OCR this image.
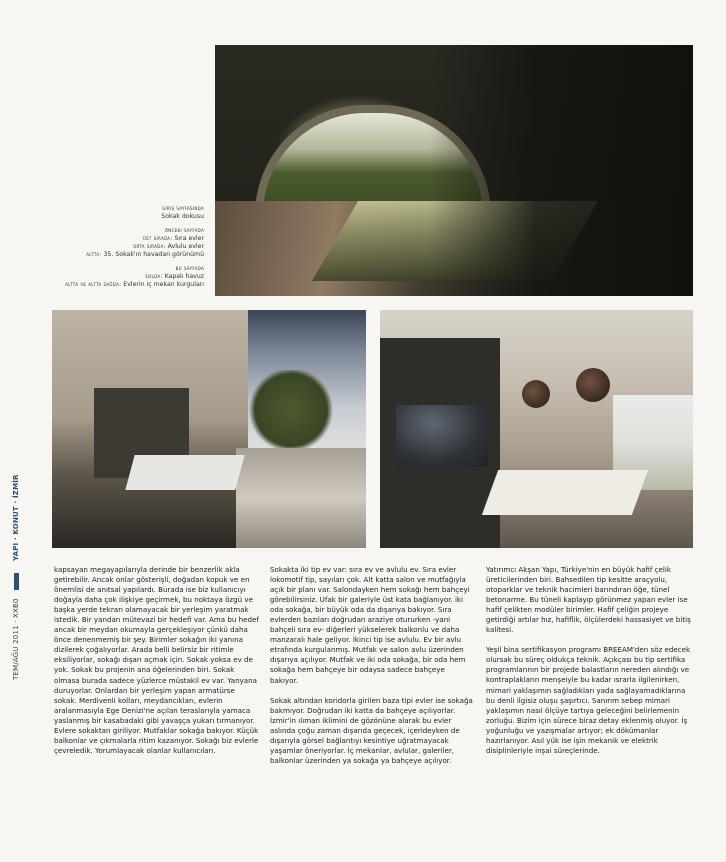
giriş sayfasında
Sokak dokusu
önceki sayfada
üst sırada: Sıra evler
orta sırada: Avlulu evler
altta: 35. Sokak'ın havadan görünümü
bu sayfada
solda: Kapalı havuz
altta ve altta sağda: Evlerin iç mekan kurguları
TEM/AĞU 2011 · XXI
60
YAPI · KONUT · İZMİR

kapsayan megayapılarıyla derinde bir benzerlik akla getirebilir. Ancak onlar gösterişli, doğadan kopuk ve en önemlisi de anıtsal yapılardı. Burada ise biz kullanıcıyı doğayla daha çok ilişkiye geçirmek, bu noktaya özgü ve başka yerde tekrarı olamayacak bir yerleşim yaratmak istedik. Bir yandan mütevazi bir hedefi var. Ama bu hedef ancak bir meydan okumayla gerçekleşiyor çünkü daha önce denenmemiş bir şey. Birimler sokağın iki yanına dizilerek çoğalıyorlar. Arada belli belirsiz bir ritimle eksiliyorlar, sokağı dışarı açmak için. Sokak yoksa ev de yok. Sokak bu projenin ana öğelerinden biri. Sokak olmasa burada sadece yüzlerce müstakil ev var. Yanyana duruyorlar. Onlardan bir yerleşim yapan armatürse sokak. Merdivenli kolları, meydancıkları, evlerin aralanmasıyla Ege Denizi'ne açılan teraslarıyla yamaca yaslanmış bir kasabadaki gibi yavaşça yukarı tırmanıyor. Evlere sokaktan giriliyor. Mutfaklar sokağa bakıyor. Küçük balkonlar ve çıkmalarla ritim kazanıyor. Sokağı biz evlerle çevreledik. Yorumlayacak olanlar kullanıcıları.

Sokakta iki tip ev var: sıra ev ve avlulu ev. Sıra evler lokomotif tip, sayıları çok. Alt katta salon ve mutfağıyla açık bir planı var. Salondayken hem sokağı hem bahçeyi görebilirsiniz. Ufak bir galeriyle üst kata bağlanıyor. iki oda sokağa, bir büyük oda da dışarıya bakıyor. Sıra evlerden bazıları doğrudan araziye otururken -yani bahçeli sıra ev- diğerleri yükselerek balkonlu ve daha manzaralı hale geliyor. İkinci tip ise avlulu. Ev bir avlu etrafında kurgulanmış. Mutfak ve salon avlu üzerinden dışarıya açılıyor. Mutfak ve iki oda sokağa, bir oda hem sokağa hem bahçeye bir odaysa sadece bahçeye bakıyor.

Sokak altından koridorla girilen baza tipi evler ise sokağa bakmıyor. Doğrudan iki katta da bahçeye açılıyorlar. İzmir'in ılıman iklimini de gözönüne alarak bu evler aslında çoğu zaman dışarıda geçecek, içerideyken de dışarıyla görsel bağlantıyı kesintiye uğratmayacak yaşamlar öneriyorlar. İç mekanlar, avlular, galeriler, balkonlar üzerinden ya sokağa ya bahçeye açılıyor.

Yatırımcı Akşan Yapı, Türkiye'nin en büyük hafif çelik üreticilerinden biri. Bahsedilen tip kesitte araçyolu, otoparklar ve teknik hacimleri barındıran öğe, tünel betonarme. Bu tüneli kaplayıp görünmez yapan evler ise hafif çelikten modüler birimler. Hafif çeliğin projeye getirdiği artılar hız, hafiflik, ölçülerdeki hassasiyet ve bitiş kalitesi.

Yeşil bina sertifikasyon programı BREEAM'den söz edecek olursak bu süreç oldukça teknik. Açıkçası bu tip sertifika programlarının bir projede balastların nereden alındığı ve kontraplakların menşeiyle bu kadar ısrarla ilgilenirken, mimari yaklaşımın sağladıkları yada sağlayamadıklarına bu denli ilgisiz oluşu şaşırtıcı. Sanırım sebep mimari yaklaşımın nasıl ölçüye tartıya geleceğini belirlemenin zorluğu. Bizim için sürece biraz detay eklenmiş oluyor. İş yoğunluğu ve yazışmalar artıyor; ek dökümanlar hazırlanıyor. Asıl yük ise işin mekanik ve elektrik disiplinleriyle inşai süreçlerinde.
